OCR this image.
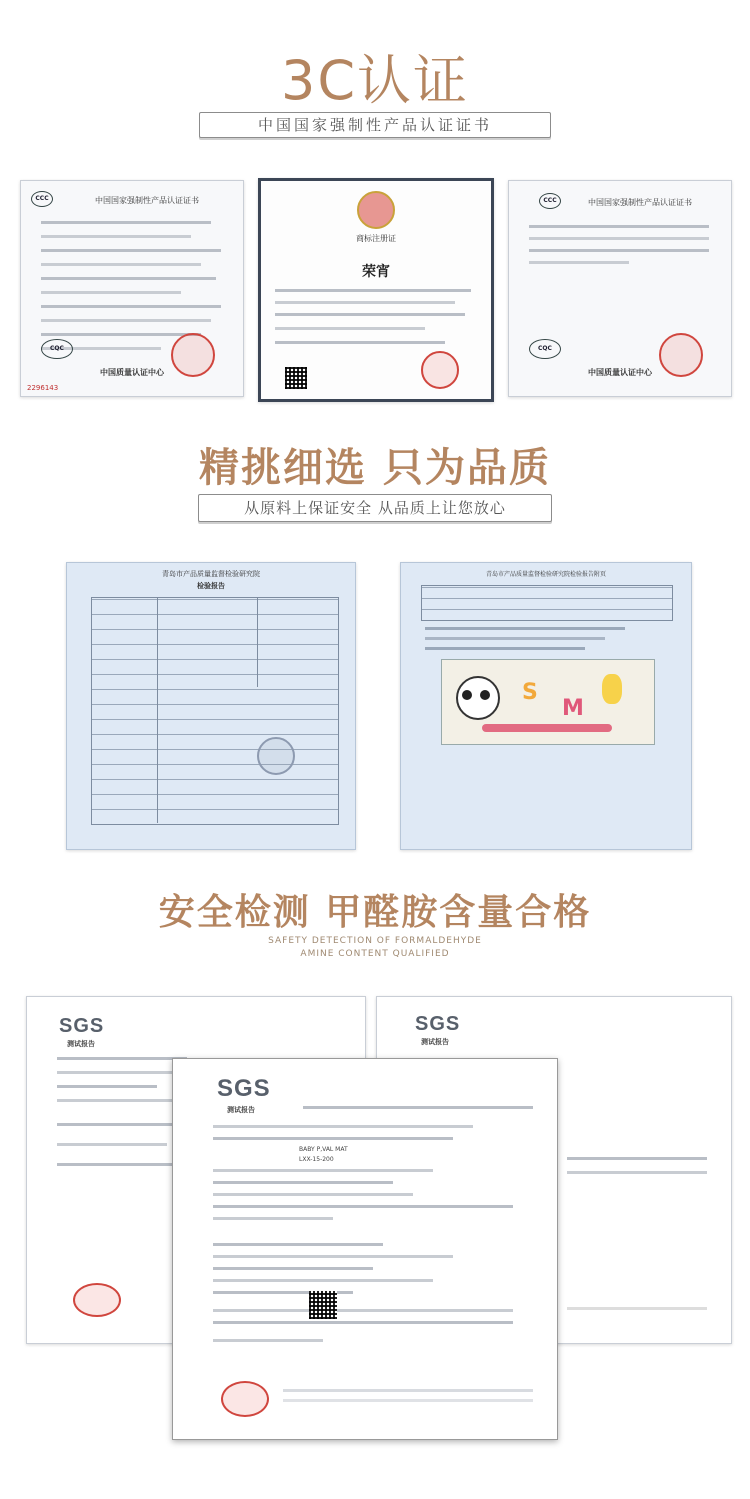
3C认证
中国国家强制性产品认证证书
CCC	中国国家强制性产品认证证书
CQC
中国质量认证中心
2296143
商标注册证
荣宵
CCC	中国国家强制性产品认证证书
CQC
中国质量认证中心
精挑细选 只为品质
从原料上保证安全 从品质上让您放心
青岛市产品质量监督检验研究院
检验报告
青岛市产品质量监督检验研究院检验报告附页
S
M
安全检测 甲醛胺含量合格
SAFETY DETECTION OF FORMALDEHYDE
AMINE CONTENT QUALIFIED
SGS
测试报告
SGS
测试报告
SGS
测试报告
BABY P,VAL MAT
LXX-15-200
